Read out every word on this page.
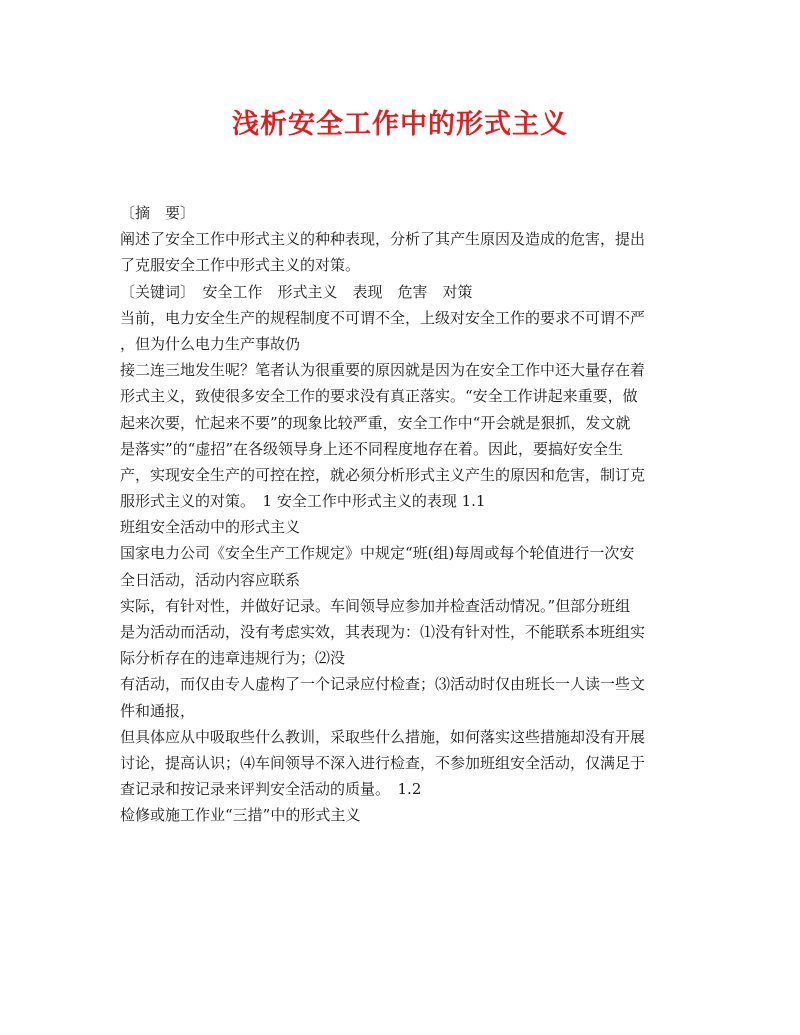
浅析安全工作中的形式主义
〔摘　要〕
阐述了安全工作中形式主义的种种表现，分析了其产生原因及造成的危害，提出
了克服安全工作中形式主义的对策。
〔关键词〕　安全工作　形式主义　表现　危害　对策
当前，电力安全生产的规程制度不可谓不全，上级对安全工作的要求不可谓不严
，但为什么电力生产事故仍
接二连三地发生呢？笔者认为很重要的原因就是因为在安全工作中还大量存在着
形式主义，致使很多安全工作的要求没有真正落实。“安全工作讲起来重要，做
起来次要，忙起来不要”的现象比较严重，安全工作中“开会就是狠抓，发文就
是落实”的“虚招”在各级领导身上还不同程度地存在着。因此，要搞好安全生
产，实现安全生产的可控在控，就必须分析形式主义产生的原因和危害，制订克
服形式主义的对策。　1 安全工作中形式主义的表现 1.1
班组安全活动中的形式主义
国家电力公司《安全生产工作规定》中规定“班(组)每周或每个轮值进行一次安
全日活动，活动内容应联系
实际，有针对性，并做好记录。车间领导应参加并检查活动情况。”但部分班组
是为活动而活动，没有考虑实效，其表现为：⑴没有针对性，不能联系本班组实
际分析存在的违章违规行为；⑵没
有活动，而仅由专人虚构了一个记录应付检查；⑶活动时仅由班长一人读一些文
件和通报，
但具体应从中吸取些什么教训，采取些什么措施，如何落实这些措施却没有开展
讨论，提高认识；⑷车间领导不深入进行检查，不参加班组安全活动，仅满足于
查记录和按记录来评判安全活动的质量。　1.2
检修或施工作业“三措”中的形式主义
